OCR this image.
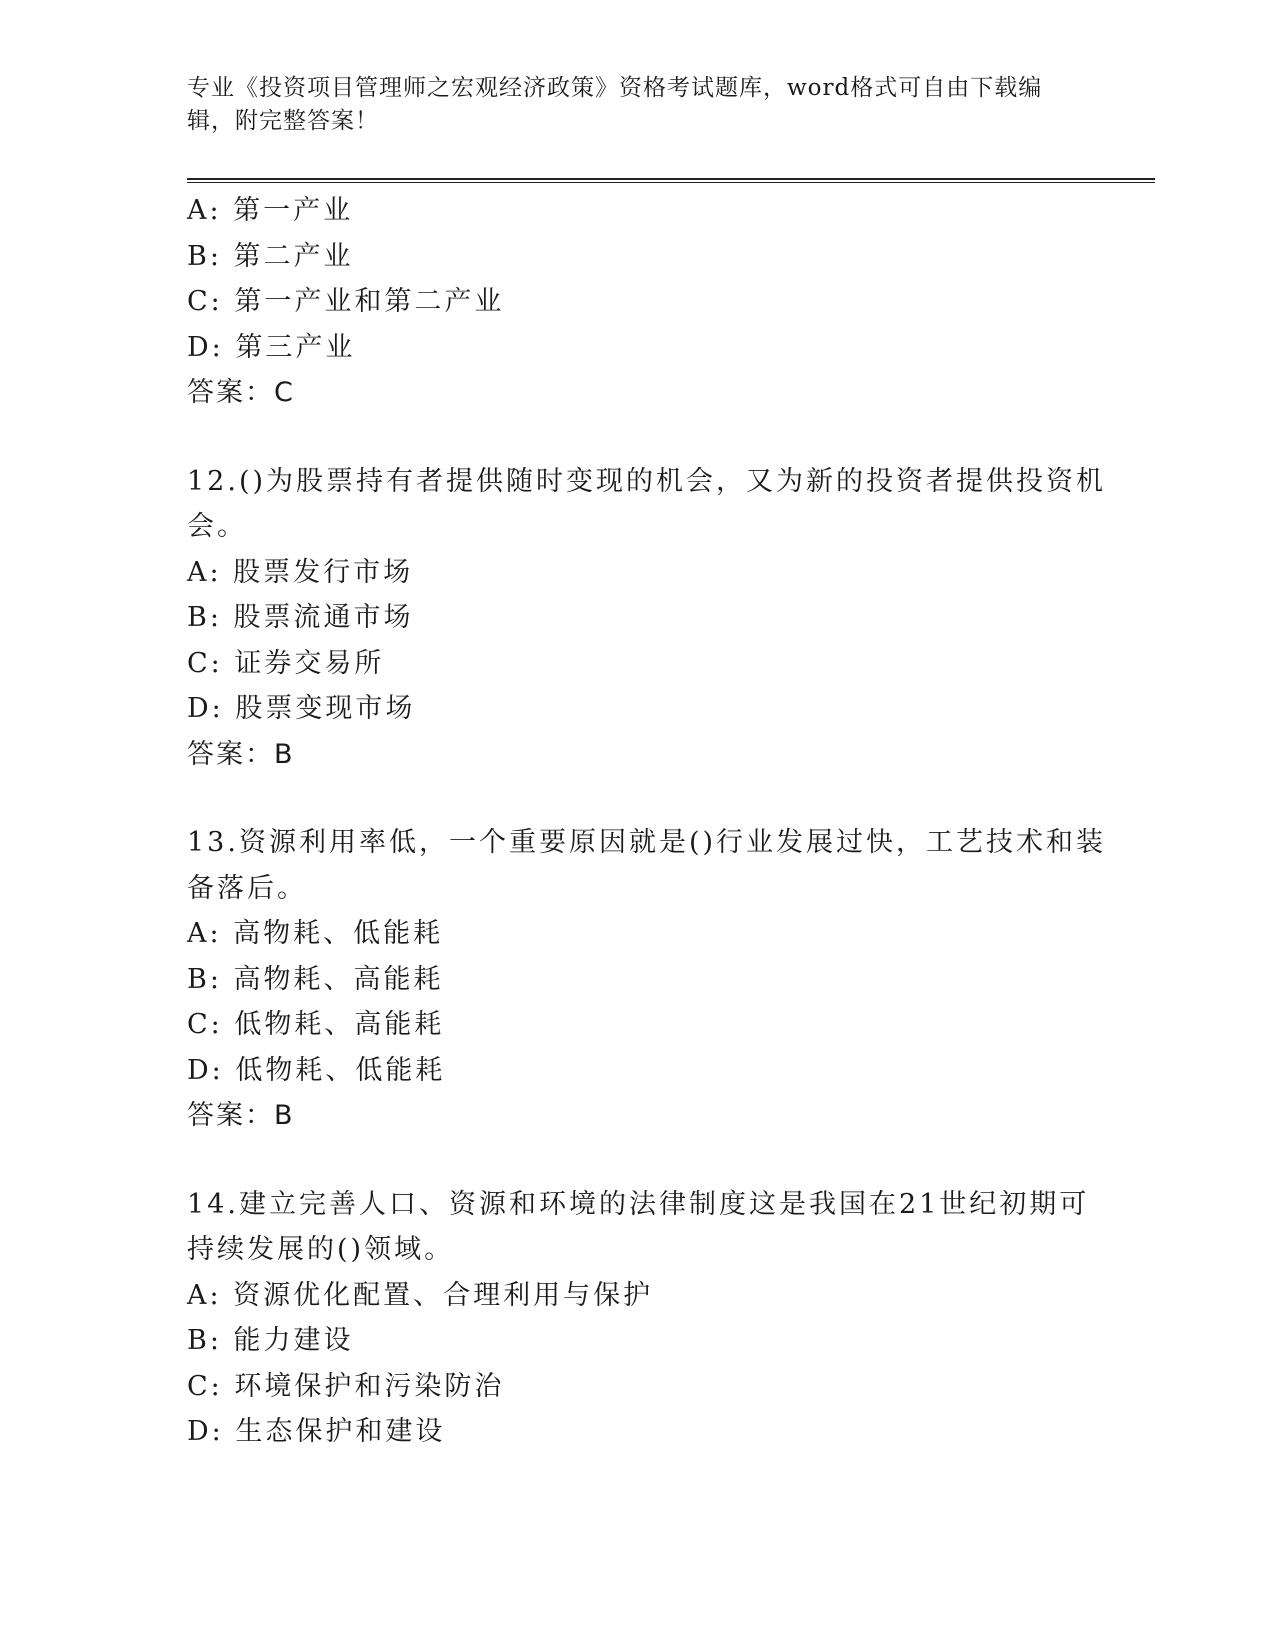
专业《投资项目管理师之宏观经济政策》资格考试题库，word格式可自由下载编
辑，附完整答案！
A: 第一产业
B: 第二产业
C: 第一产业和第二产业
D: 第三产业
答案：C
12.()为股票持有者提供随时变现的机会，又为新的投资者提供投资机
会。
A: 股票发行市场
B: 股票流通市场
C: 证券交易所
D: 股票变现市场
答案：B
13.资源利用率低，一个重要原因就是()行业发展过快，工艺技术和装
备落后。
A: 高物耗、低能耗
B: 高物耗、高能耗
C: 低物耗、高能耗
D: 低物耗、低能耗
答案：B
14.建立完善人口、资源和环境的法律制度这是我国在21世纪初期可
持续发展的()领域。
A: 资源优化配置、合理利用与保护
B: 能力建设
C: 环境保护和污染防治
D: 生态保护和建设
